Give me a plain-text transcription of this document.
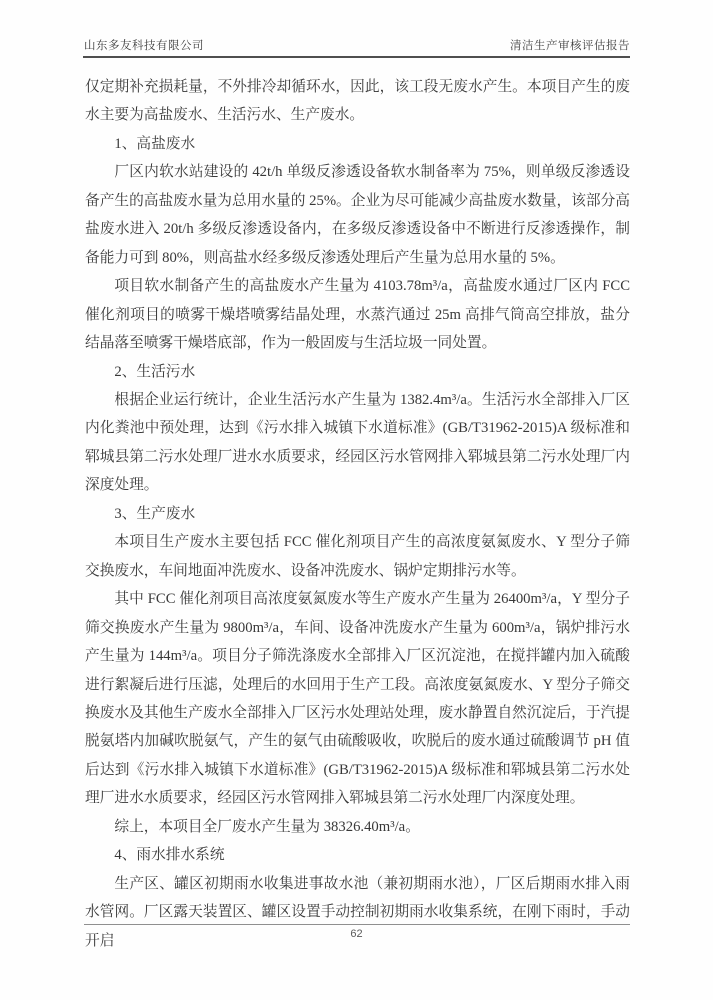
山东多友科技有限公司	清洁生产审核评估报告

仅定期补充损耗量，不外排冷却循环水，因此，该工段无废水产生。本项目产生的废水主要为高盐废水、生活污水、生产废水。

1、高盐废水

厂区内软水站建设的 42t/h 单级反渗透设备软水制备率为 75%，则单级反渗透设备产生的高盐废水量为总用水量的 25%。企业为尽可能减少高盐废水数量，该部分高盐废水进入 20t/h 多级反渗透设备内，在多级反渗透设备中不断进行反渗透操作，制备能力可到 80%，则高盐水经多级反渗透处理后产生量为总用水量的 5%。

项目软水制备产生的高盐废水产生量为 4103.78m³/a，高盐废水通过厂区内 FCC 催化剂项目的喷雾干燥塔喷雾结晶处理，水蒸汽通过 25m 高排气筒高空排放，盐分结晶落至喷雾干燥塔底部，作为一般固废与生活垃圾一同处置。

2、生活污水

根据企业运行统计，企业生活污水产生量为 1382.4m³/a。生活污水全部排入厂区内化粪池中预处理，达到《污水排入城镇下水道标准》(GB/T31962-2015)A 级标准和郓城县第二污水处理厂进水水质要求，经园区污水管网排入郓城县第二污水处理厂内深度处理。

3、生产废水

本项目生产废水主要包括 FCC 催化剂项目产生的高浓度氨氮废水、Y 型分子筛交换废水，车间地面冲洗废水、设备冲洗废水、锅炉定期排污水等。

其中 FCC 催化剂项目高浓度氨氮废水等生产废水产生量为 26400m³/a，Y 型分子筛交换废水产生量为 9800m³/a，车间、设备冲洗废水产生量为 600m³/a，锅炉排污水产生量为 144m³/a。项目分子筛洗涤废水全部排入厂区沉淀池，在搅拌罐内加入硫酸进行絮凝后进行压滤，处理后的水回用于生产工段。高浓度氨氮废水、Y 型分子筛交换废水及其他生产废水全部排入厂区污水处理站处理，废水静置自然沉淀后，于汽提脱氨塔内加碱吹脱氨气，产生的氨气由硫酸吸收，吹脱后的废水通过硫酸调节 pH 值后达到《污水排入城镇下水道标准》(GB/T31962-2015)A 级标准和郓城县第二污水处理厂进水水质要求，经园区污水管网排入郓城县第二污水处理厂内深度处理。

综上，本项目全厂废水产生量为 38326.40m³/a。

4、雨水排水系统

生产区、罐区初期雨水收集进事故水池（兼初期雨水池），厂区后期雨水排入雨水管网。厂区露天装置区、罐区设置手动控制初期雨水收集系统，在刚下雨时，手动开启	62
